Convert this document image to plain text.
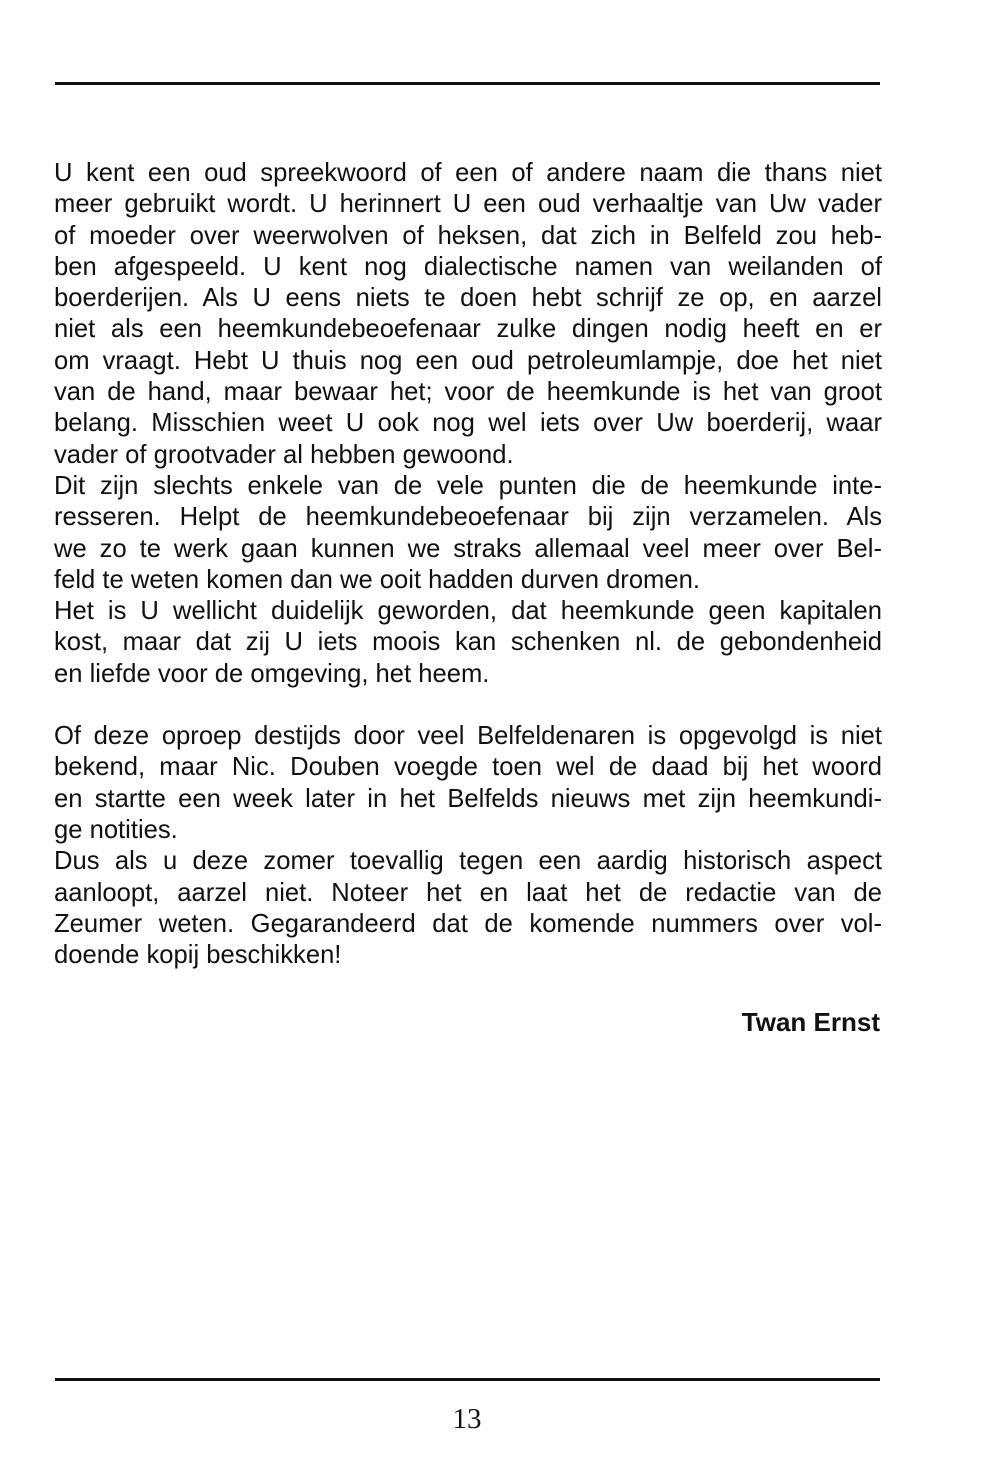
U kent een oud spreekwoord of een of andere naam die thans niet
meer gebruikt wordt. U herinnert U een oud verhaaltje van Uw vader
of moeder over weerwolven of heksen, dat zich in Belfeld zou heb-
ben afgespeeld. U kent nog dialectische namen van weilanden of
boerderijen. Als U eens niets te doen hebt schrijf ze op, en aarzel
niet als een heemkundebeoefenaar zulke dingen nodig heeft en er
om vraagt. Hebt U thuis nog een oud petroleumlampje, doe het niet
van de hand, maar bewaar het; voor de heemkunde is het van groot
belang. Misschien weet U ook nog wel iets over Uw boerderij, waar
vader of grootvader al hebben gewoond.
Dit zijn slechts enkele van de vele punten die de heemkunde inte-
resseren. Helpt de heemkundebeoefenaar bij zijn verzamelen. Als
we zo te werk gaan kunnen we straks allemaal veel meer over Bel-
feld te weten komen dan we ooit hadden durven dromen.
Het is U wellicht duidelijk geworden, dat heemkunde geen kapitalen
kost, maar dat zij U iets moois kan schenken nl. de gebondenheid
en liefde voor de omgeving, het heem.
Of deze oproep destijds door veel Belfeldenaren is opgevolgd is niet
bekend, maar Nic. Douben voegde toen wel de daad bij het woord
en startte een week later in het Belfelds nieuws met zijn heemkundi-
ge notities.
Dus als u deze zomer toevallig tegen een aardig historisch aspect
aanloopt, aarzel niet. Noteer het en laat het de redactie van de
Zeumer weten. Gegarandeerd dat de komende nummers over vol-
doende kopij beschikken!
Twan Ernst
13
